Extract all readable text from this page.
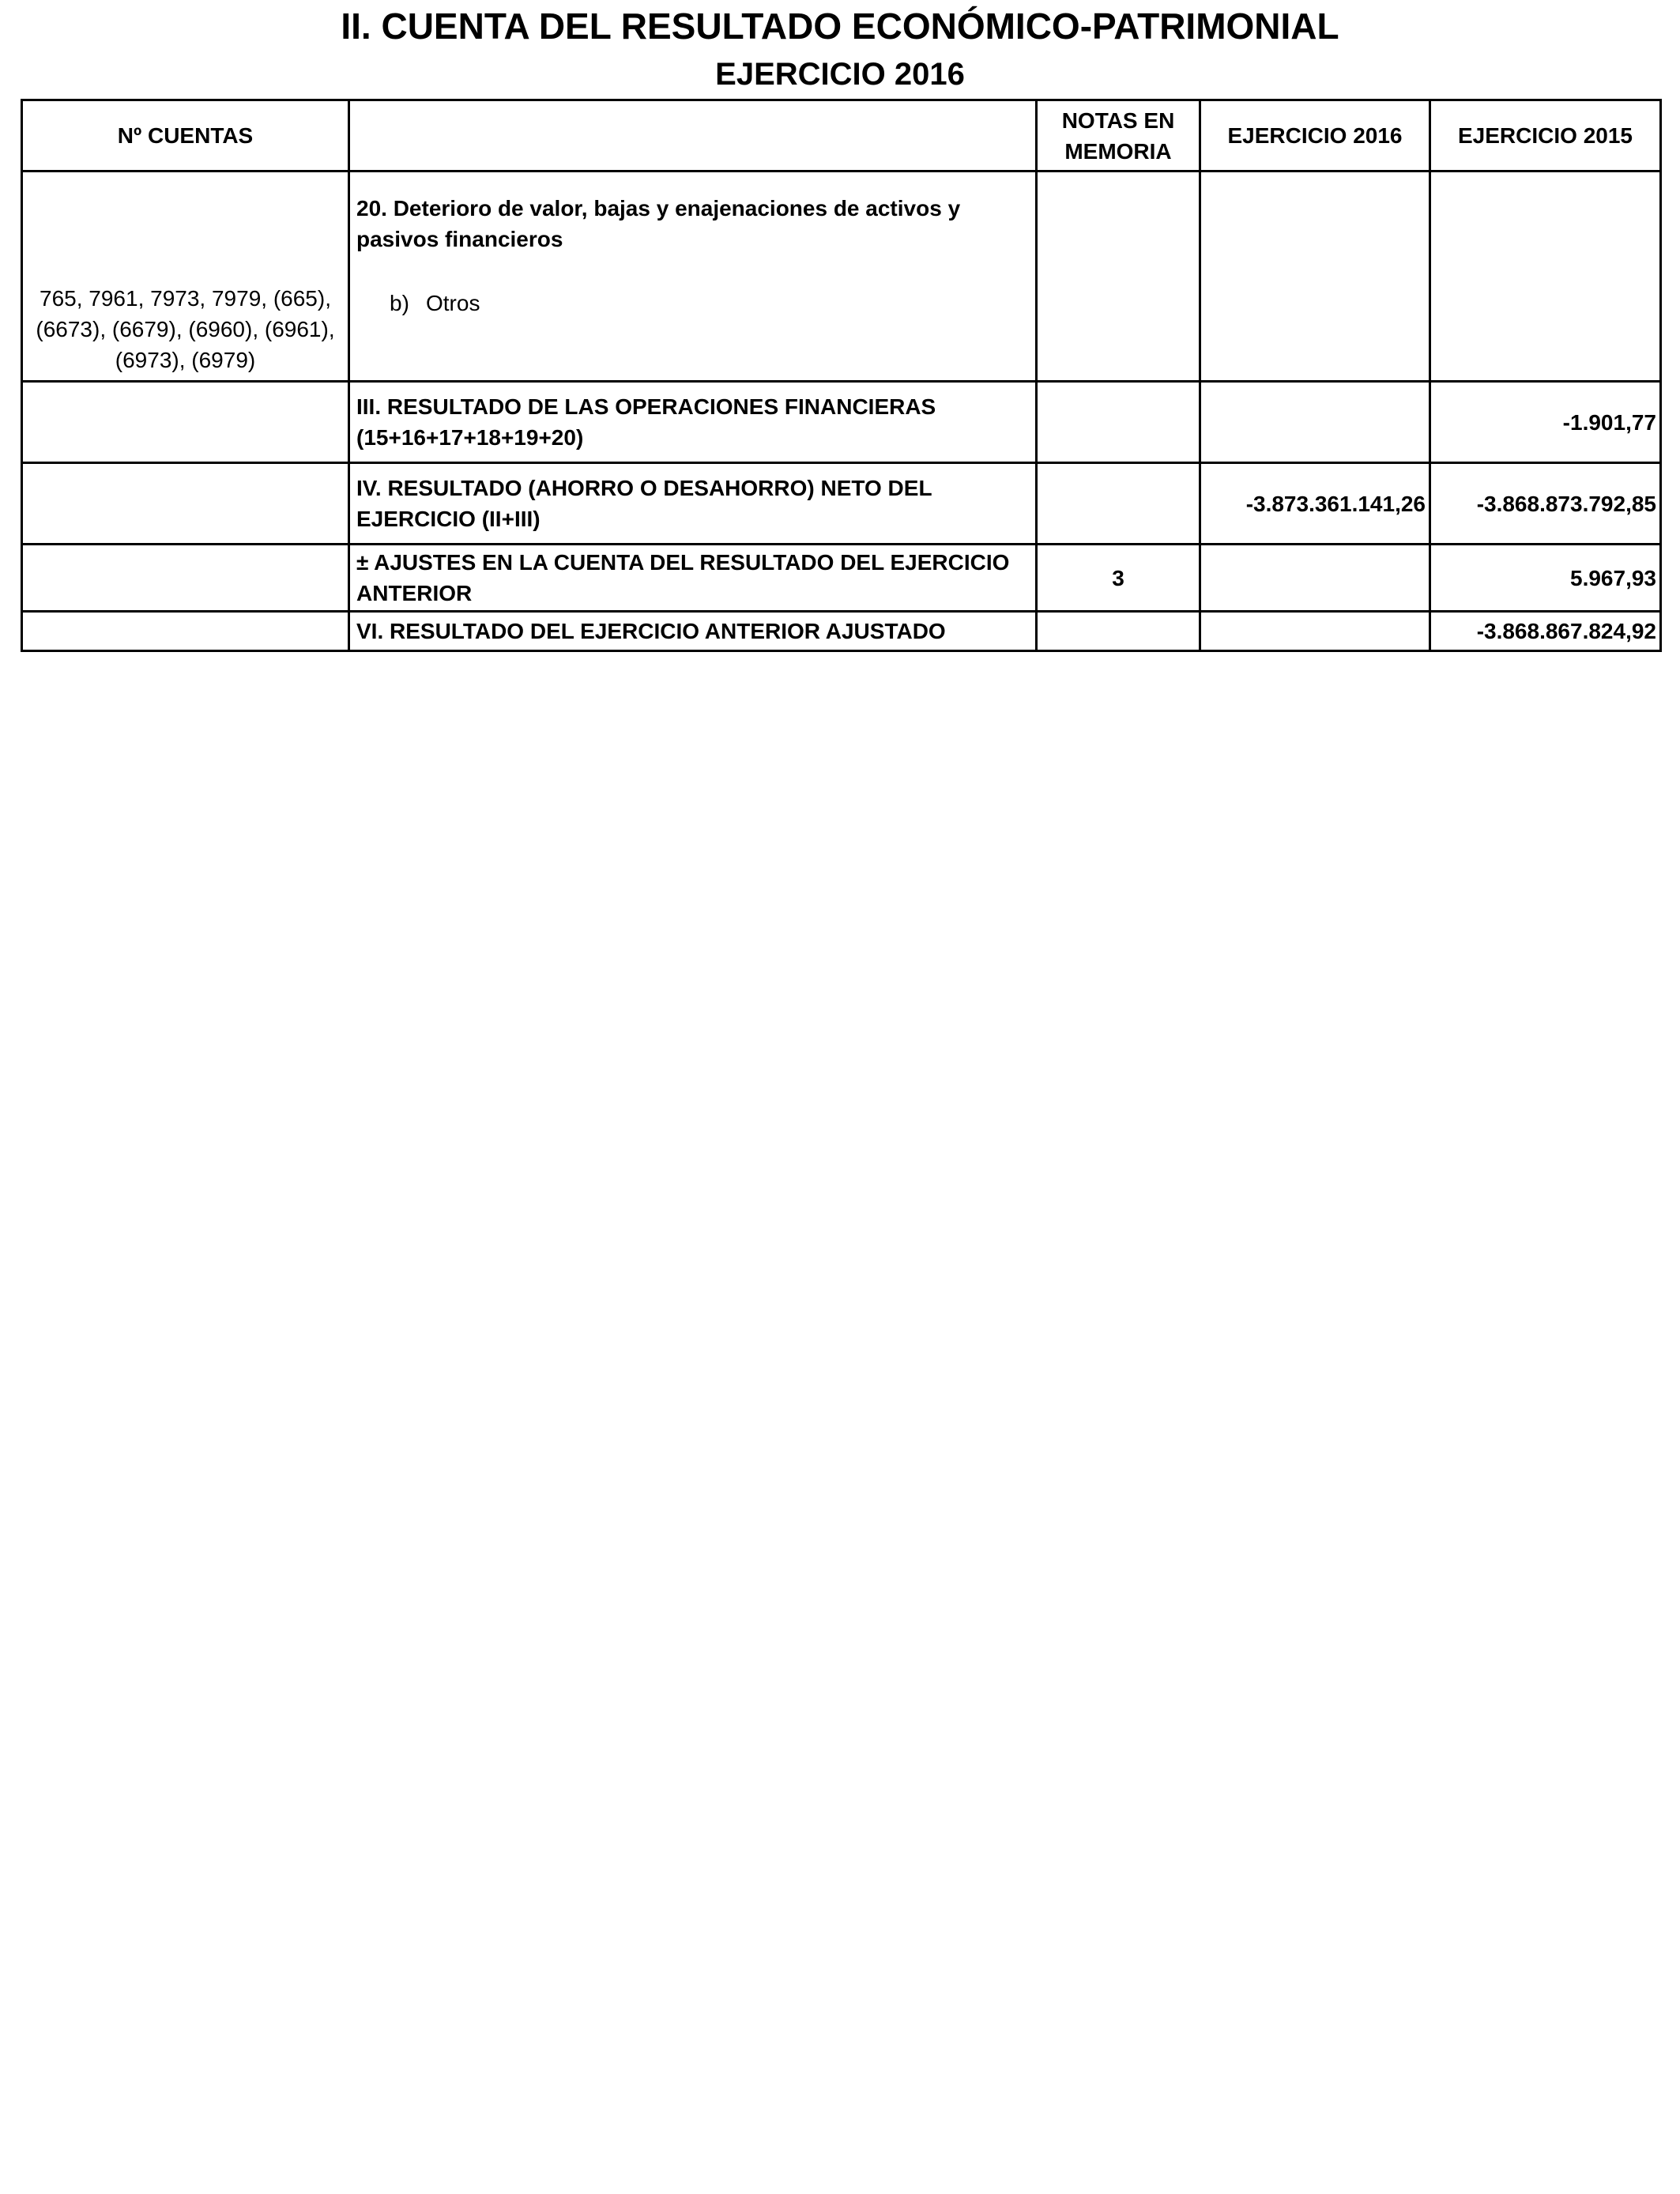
II. CUENTA DEL RESULTADO ECONÓMICO-PATRIMONIAL
EJERCICIO 2016
Nº CUENTAS		NOTAS EN MEMORIA	EJERCICIO 2016	EJERCICIO 2015
765, 7961, 7973, 7979, (665), (6673), (6679), (6960), (6961), (6973), (6979)	20. Deterioro de valor, bajas y enajenaciones de activos y pasivos financieros
b) Otros			

	III. RESULTADO DE LAS OPERACIONES FINANCIERAS (15+16+17+18+19+20)			-1.901,77
	IV. RESULTADO (AHORRO O DESAHORRO) NETO DEL EJERCICIO (II+III)		-3.873.361.141,26	-3.868.873.792,85
	± AJUSTES EN LA CUENTA DEL RESULTADO DEL EJERCICIO ANTERIOR	3		5.967,93
	VI. RESULTADO DEL EJERCICIO ANTERIOR AJUSTADO			-3.868.867.824,92
